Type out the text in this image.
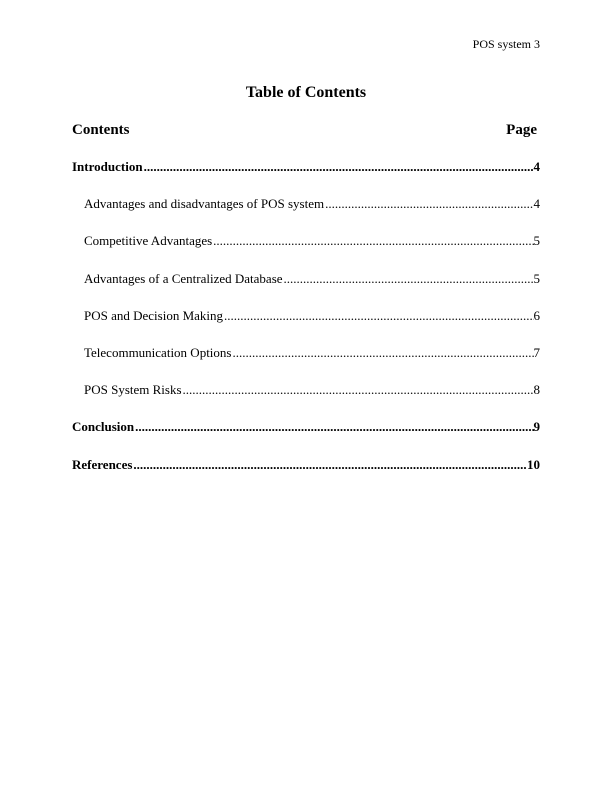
POS system 3
Table of Contents
Contents	Page
Introduction .....	4
Advantages and disadvantages of POS system .....	4
Competitive Advantages .....	5
Advantages of a Centralized Database .....	5
POS and Decision Making .....	6
Telecommunication Options .....	7
POS System Risks .....	8
Conclusion .....	9
References .....	10
